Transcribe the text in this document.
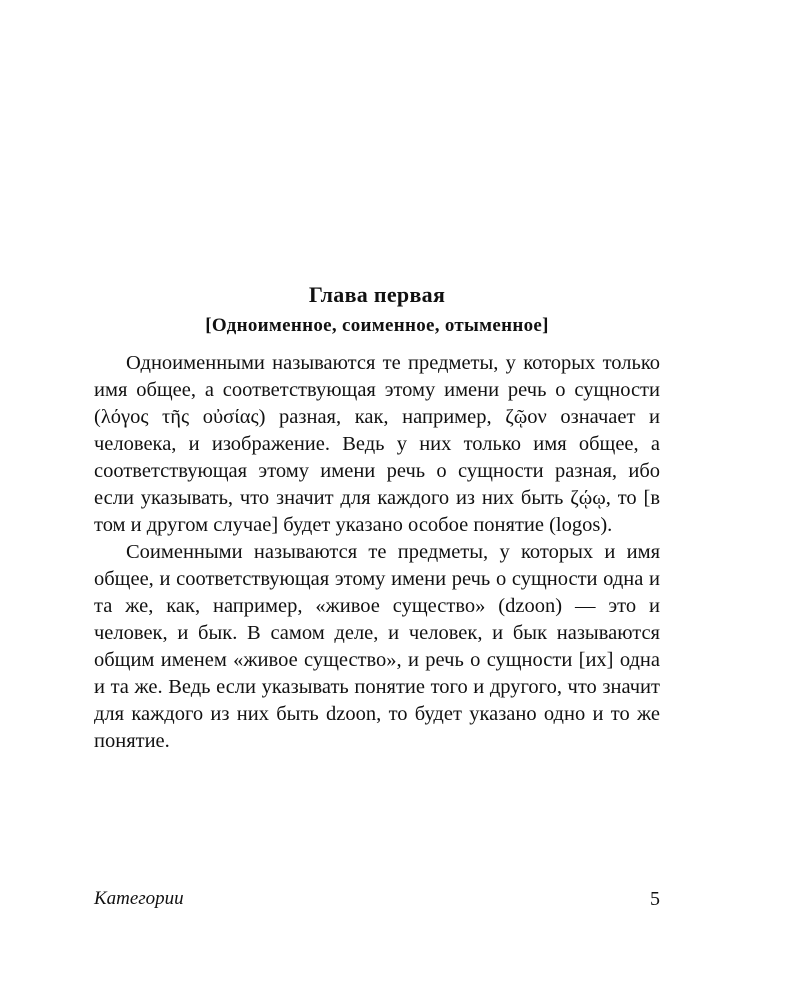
Глава первая
[Одноименное, соименное, отыменное]

Одноименными называются те предметы, у которых только имя общее, а соответствующая этому имени речь о сущности (λόγος τῆς οὐσίας) разная, как, например, ζῷον означает и человека, и изображение. Ведь у них только имя общее, а соответствующая этому имени речь о сущности разная, ибо если указывать, что значит для каждого из них быть ζῴῳ, то [в том и другом случае] будет указано особое понятие (logos).

Соименными называются те предметы, у которых и имя общее, и соответствующая этому имени речь о сущности одна и та же, как, например, «живое существо» (dzoon) — это и человек, и бык. В самом деле, и человек, и бык называются общим именем «живое существо», и речь о сущности [их] одна и та же. Ведь если указывать понятие того и другого, что значит для каждого из них быть dzoon, то будет указано одно и то же понятие.

Категории	5
